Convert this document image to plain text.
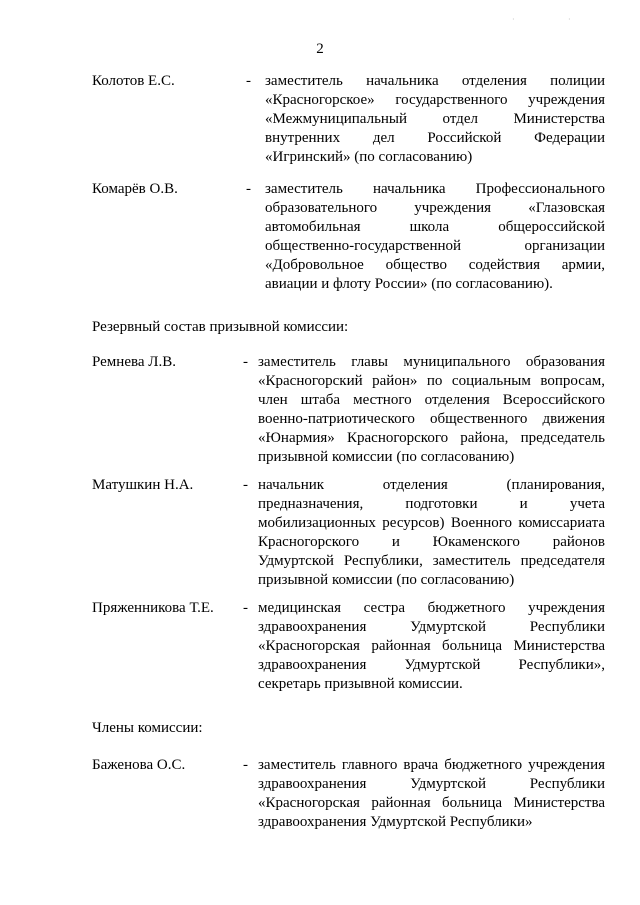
·	·
2
Колотов Е.С.	- заместитель начальника отделения полиции
«Красногорское» государственного учреждения
«Межмуниципальный отдел Министерства
внутренних дел Российской Федерации
«Игринский» (по согласованию)
Комарёв О.В.	- заместитель начальника Профессионального
образовательного учреждения «Глазовская
автомобильная школа общероссийской
общественно-государственной организации
«Добровольное общество содействия армии,
авиации и флоту России» (по согласованию).
Резервный состав призывной комиссии:
Ремнева Л.В.	- заместитель главы муниципального образования
«Красногорский район» по социальным вопросам,
член штаба местного отделения Всероссийского
военно-патриотического общественного движения
«Юнармия» Красногорского района, председатель
призывной комиссии (по согласованию)
Матушкин Н.А.	- начальник отделения (планирования,
предназначения, подготовки и учета
мобилизационных ресурсов) Военного комиссариата
Красногорского и Юкаменского районов
Удмуртской Республики, заместитель председателя
призывной комиссии (по согласованию)
Пряженникова Т.Е. - медицинская сестра бюджетного учреждения
здравоохранения Удмуртской Республики
«Красногорская районная больница Министерства
здравоохранения Удмуртской Республики»,
секретарь призывной комиссии.
Члены комиссии:
Баженова О.С.	- заместитель главного врача бюджетного учреждения
здравоохранения Удмуртской Республики
«Красногорская районная больница Министерства
здравоохранения Удмуртской Республики»
